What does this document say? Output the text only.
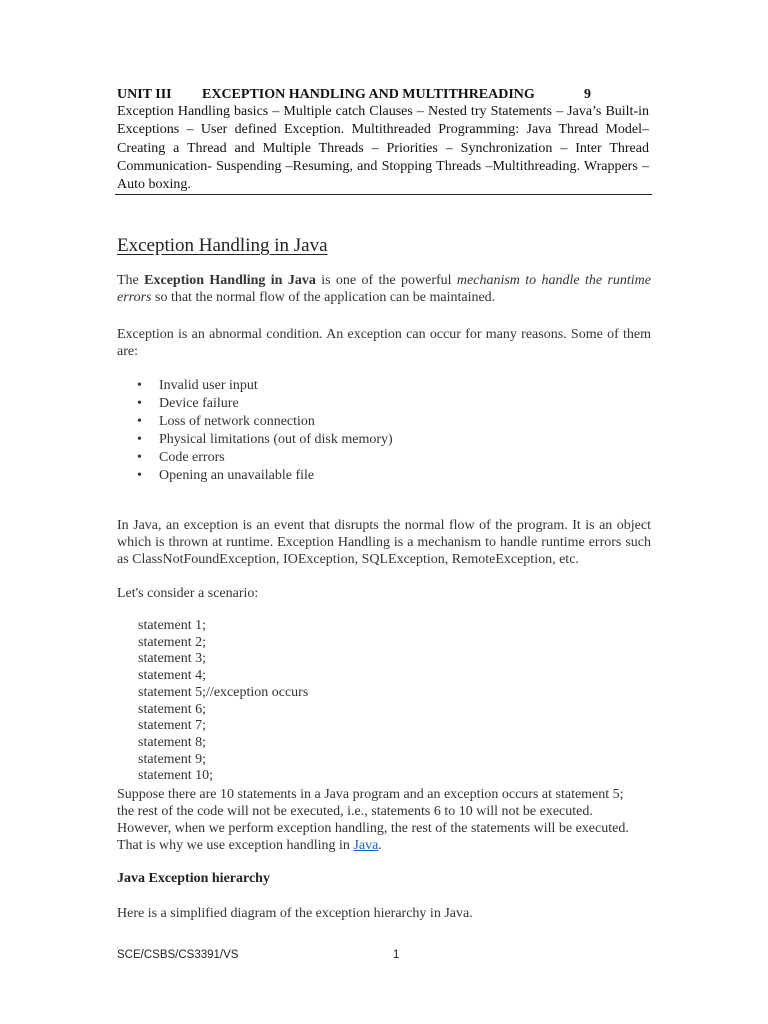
UNIT III EXCEPTION HANDLING AND MULTITHREADING	9
Exception Handling basics – Multiple catch Clauses – Nested try Statements – Java’s Built-in Exceptions – User defined Exception. Multithreaded Programming: Java Thread Model–Creating a Thread and Multiple Threads – Priorities – Synchronization – Inter Thread Communication- Suspending –Resuming, and Stopping Threads –Multithreading. Wrappers – Auto boxing.
Exception Handling in Java
The Exception Handling in Java is one of the powerful mechanism to handle the runtime errors so that the normal flow of the application can be maintained.
Exception is an abnormal condition. An exception can occur for many reasons. Some of them are:
• Invalid user input
• Device failure
• Loss of network connection
• Physical limitations (out of disk memory)
• Code errors
• Opening an unavailable file
In Java, an exception is an event that disrupts the normal flow of the program. It is an object which is thrown at runtime. Exception Handling is a mechanism to handle runtime errors such as ClassNotFoundException, IOException, SQLException, RemoteException, etc.
Let's consider a scenario:
statement 1;
statement 2;
statement 3;
statement 4;
statement 5;//exception occurs
statement 6;
statement 7;
statement 8;
statement 9;
statement 10;
Suppose there are 10 statements in a Java program and an exception occurs at statement 5;
the rest of the code will not be executed, i.e., statements 6 to 10 will not be executed.
However, when we perform exception handling, the rest of the statements will be executed.
That is why we use exception handling in Java.
Java Exception hierarchy
Here is a simplified diagram of the exception hierarchy in Java.
SCE/CSBS/CS3391/VS	1
